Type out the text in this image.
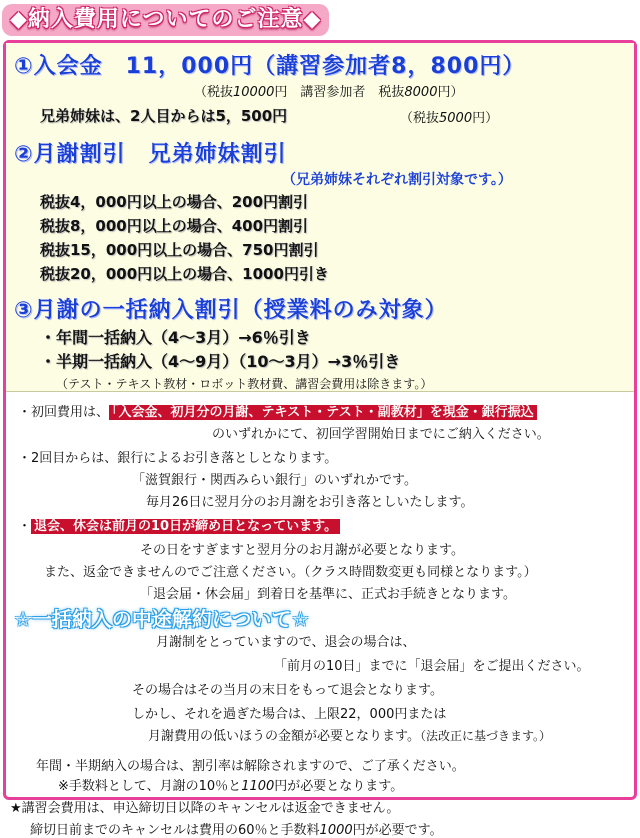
◆納入費用についてのご注意◆
①入会金　11，000円（講習参加者8，800円）
（税抜10000円　講習参加者　税抜8000円）
兄弟姉妹は、2人目からは5，500円	（税抜5000円）
②月謝割引　兄弟姉妹割引
（兄弟姉妹それぞれ割引対象です。）
税抜4，000円以上の場合、200円割引
税抜8，000円以上の場合、400円割引
税抜15，000円以上の場合、750円割引
税抜20，000円以上の場合、1000円引き
③月謝の一括納入割引（授業料のみ対象）
・年間一括納入（4～3月）→6％引き
・半期一括納入（4～9月）（10～3月）→3％引き
（テスト・テキスト教材・ロボット教材費、講習会費用は除きます。）
・初回費用は、 「入会金、初月分の月謝、テキスト・テスト・副教材」を現金・銀行振込
のいずれかにて、初回学習開始日までにご納入ください。
・2回目からは、銀行によるお引き落としとなります。
「滋賀銀行・関西みらい銀行」のいずれかです。
毎月26日に翌月分のお月謝をお引き落としいたします。
・ 退会、休会は前月の10日が締め日となっています。
その日をすぎますと翌月分のお月謝が必要となります。
また、返金できませんのでご注意ください。（クラス時間数変更も同様となります。）
「退会届・休会届」到着日を基準に、正式お手続きとなります。
☆一括納入の中途解約について☆
月謝制をとっていますので、退会の場合は、
「前月の10日」までに「退会届」をご提出ください。
その場合はその当月の末日をもって退会となります。
しかし、それを過ぎた場合は、上限22，000円または
月謝費用の低いほうの金額が必要となります。（法改正に基づきます。）
年間・半期納入の場合は、割引率は解除されますので、ご了承ください。
※手数料として、月謝の10％と1100円が必要となります。
★講習会費用は、申込締切日以降のキャンセルは返金できません。
締切日前までのキャンセルは費用の60％と手数料1000円が必要です。
